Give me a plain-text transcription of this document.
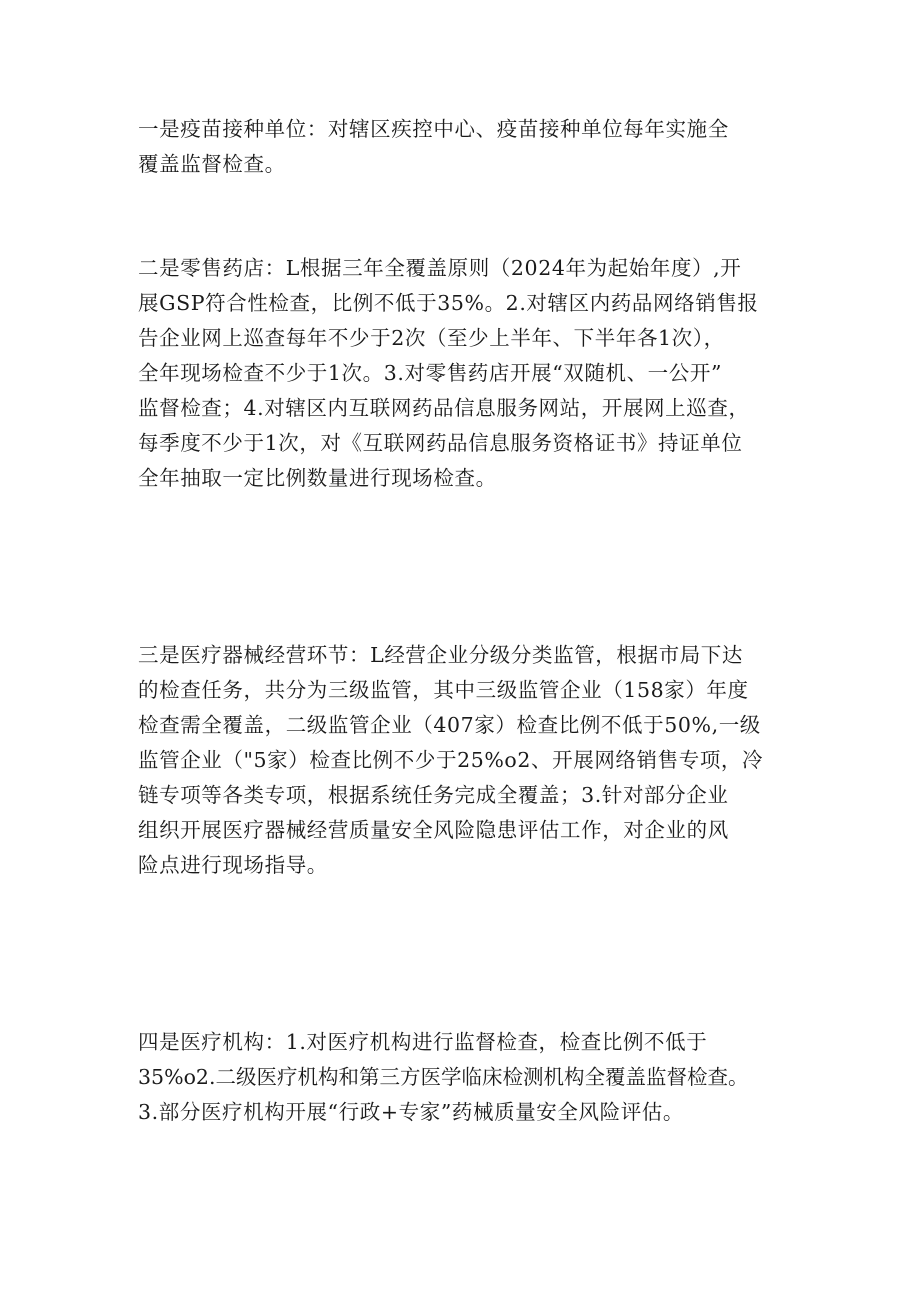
一是疫苗接种单位：对辖区疾控中心、疫苗接种单位每年实施全
覆盖监督检查。
二是零售药店：L根据三年全覆盖原则（2024年为起始年度）,开
展GSP符合性检查，比例不低于35%。2.对辖区内药品网络销售报
告企业网上巡查每年不少于2次（至少上半年、下半年各1次），
全年现场检查不少于1次。3.对零售药店开展“双随机、一公开”
监督检查；4.对辖区内互联网药品信息服务网站，开展网上巡查，
每季度不少于1次，对《互联网药品信息服务资格证书》持证单位
全年抽取一定比例数量进行现场检查。
三是医疗器械经营环节：L经营企业分级分类监管，根据市局下达
的检查任务，共分为三级监管，其中三级监管企业（158家）年度
检查需全覆盖，二级监管企业（407家）检查比例不低于50%,一级
监管企业（"5家）检查比例不少于25%o2、开展网络销售专项，冷
链专项等各类专项，根据系统任务完成全覆盖；3.针对部分企业
组织开展医疗器械经营质量安全风险隐患评估工作，对企业的风
险点进行现场指导。
四是医疗机构：1.对医疗机构进行监督检查，检查比例不低于
35%o2.二级医疗机构和第三方医学临床检测机构全覆盖监督检查。
3.部分医疗机构开展“行政+专家”药械质量安全风险评估。
